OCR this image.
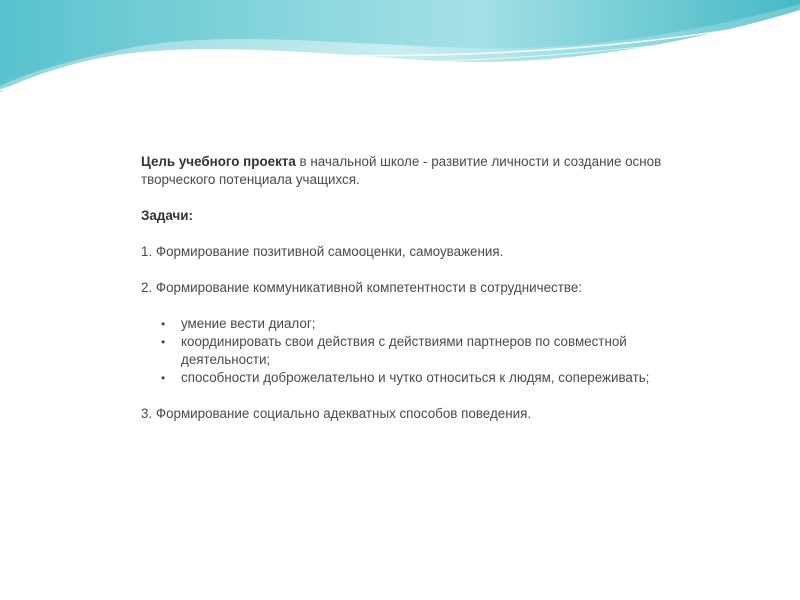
Цель учебного проекта в начальной школе - развитие личности и создание основ творческого потенциала учащихся.

Задачи:

1. Формирование позитивной самооценки, самоуважения.

2. Формирование коммуникативной компетентности в сотрудничестве:

• умение вести диалог;
• координировать свои действия с действиями партнеров по совместной деятельности;
• способности доброжелательно и чутко относиться к людям, сопереживать;

3. Формирование социально адекватных способов поведения.
